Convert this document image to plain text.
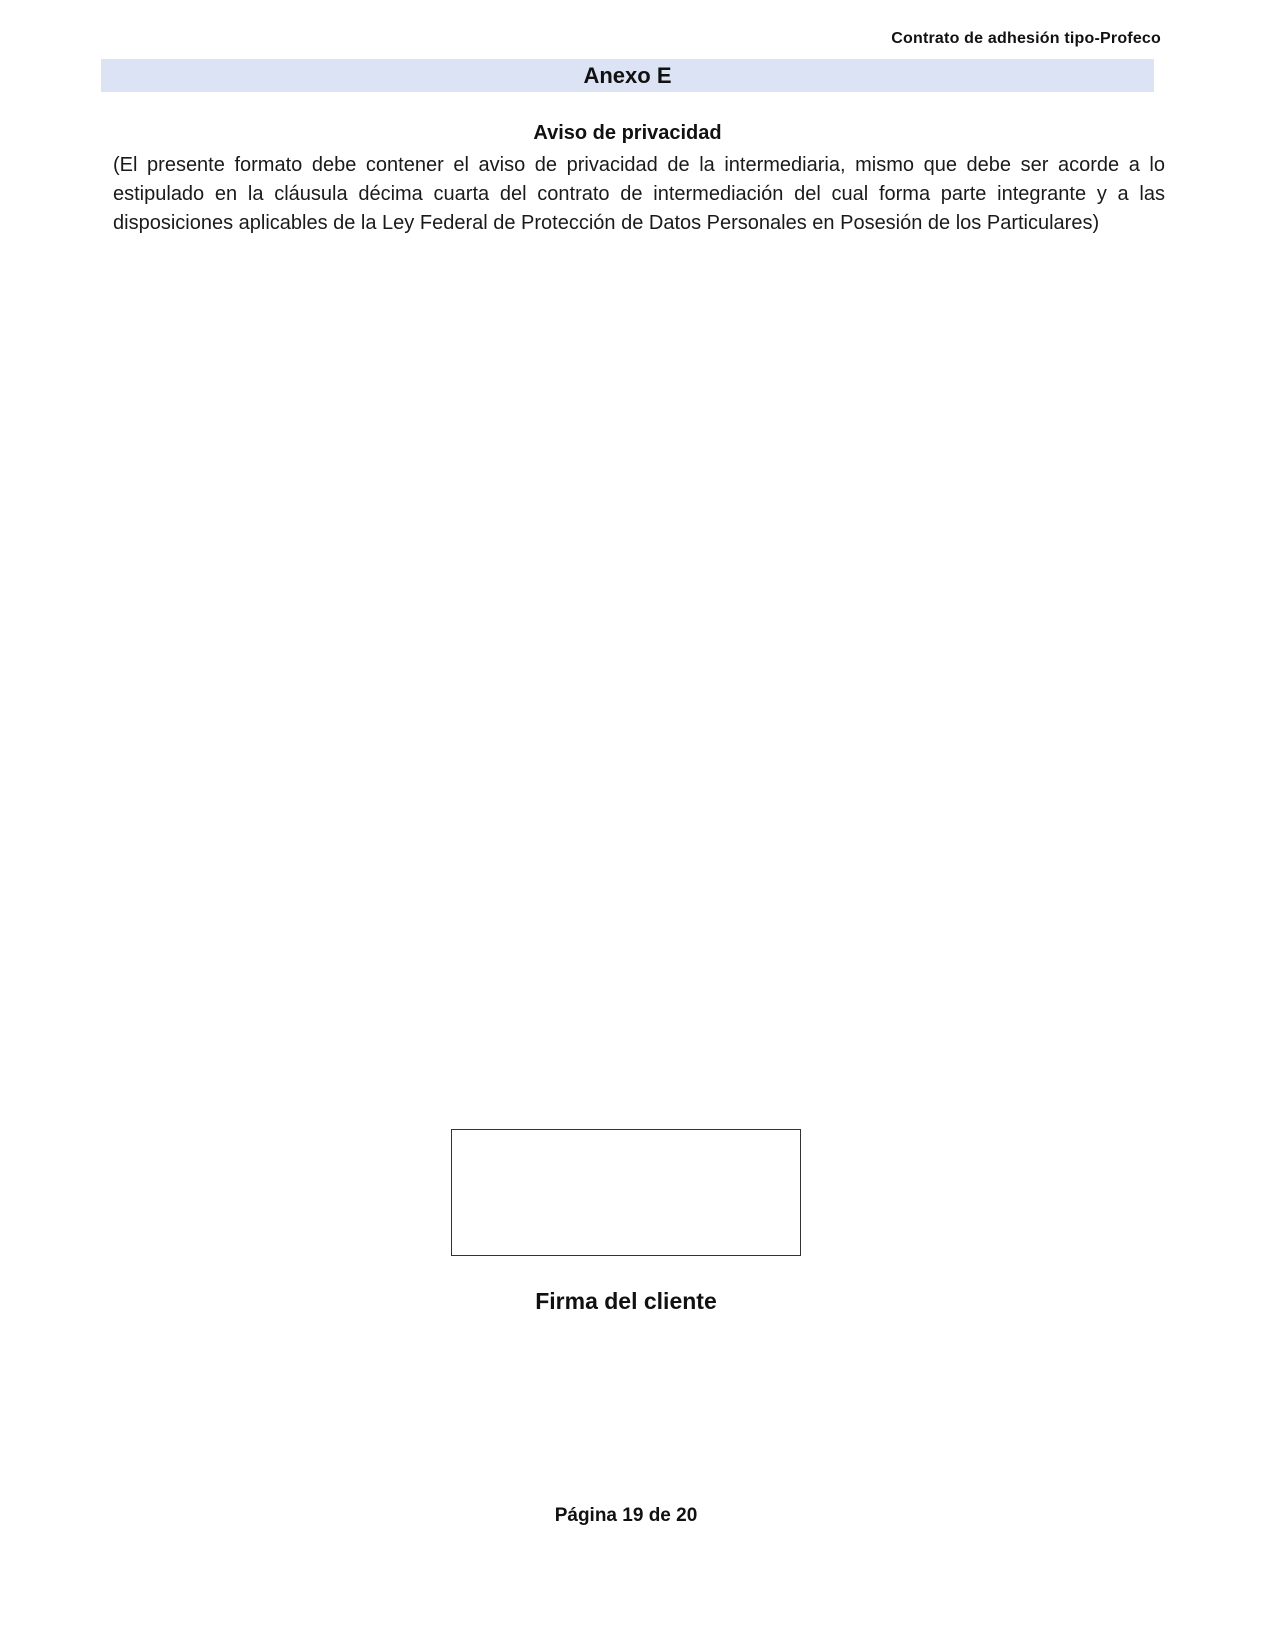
Contrato de adhesión tipo-Profeco
Anexo E
Aviso de privacidad
(El presente formato debe contener el aviso de privacidad de la intermediaria, mismo que debe ser acorde a lo estipulado en la cláusula décima cuarta del contrato de intermediación del cual forma parte integrante y a las disposiciones aplicables de la Ley Federal de Protección de Datos Personales en Posesión de los Particulares)
Firma del cliente
Página 19 de 20
